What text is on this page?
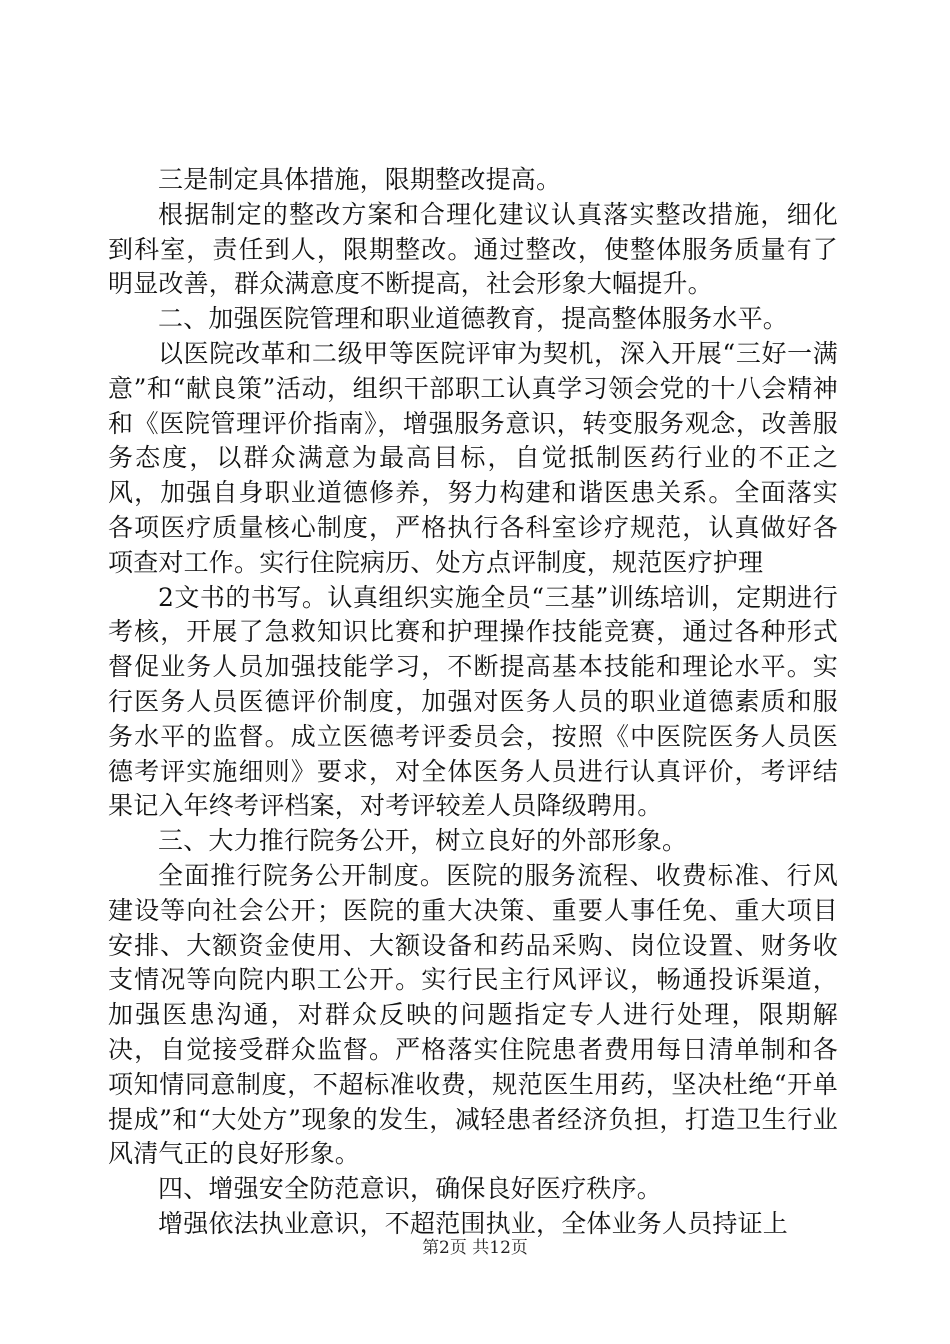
三是制定具体措施，限期整改提高。

根据制定的整改方案和合理化建议认真落实整改措施，细化到科室，责任到人，限期整改。通过整改，使整体服务质量有了明显改善，群众满意度不断提高，社会形象大幅提升。

二、加强医院管理和职业道德教育，提高整体服务水平。

以医院改革和二级甲等医院评审为契机，深入开展“三好一满意”和“献良策”活动，组织干部职工认真学习领会党的十八会精神和《医院管理评价指南》，增强服务意识，转变服务观念，改善服务态度，以群众满意为最高目标，自觉抵制医药行业的不正之风，加强自身职业道德修养，努力构建和谐医患关系。全面落实各项医疗质量核心制度，严格执行各科室诊疗规范，认真做好各项查对工作。实行住院病历、处方点评制度，规范医疗护理

2文书的书写。认真组织实施全员“三基”训练培训，定期进行考核，开展了急救知识比赛和护理操作技能竞赛，通过各种形式督促业务人员加强技能学习，不断提高基本技能和理论水平。实行医务人员医德评价制度，加强对医务人员的职业道德素质和服务水平的监督。成立医德考评委员会，按照《中医院医务人员医德考评实施细则》要求，对全体医务人员进行认真评价，考评结果记入年终考评档案，对考评较差人员降级聘用。

三、大力推行院务公开，树立良好的外部形象。

全面推行院务公开制度。医院的服务流程、收费标准、行风建设等向社会公开；医院的重大决策、重要人事任免、重大项目安排、大额资金使用、大额设备和药品采购、岗位设置、财务收支情况等向院内职工公开。实行民主行风评议，畅通投诉渠道，加强医患沟通，对群众反映的问题指定专人进行处理，限期解决，自觉接受群众监督。严格落实住院患者费用每日清单制和各项知情同意制度，不超标准收费，规范医生用药，坚决杜绝“开单提成”和“大处方”现象的发生，减轻患者经济负担，打造卫生行业风清气正的良好形象。

四、增强安全防范意识，确保良好医疗秩序。

增强依法执业意识，不超范围执业，全体业务人员持证上

第2页 共12页
